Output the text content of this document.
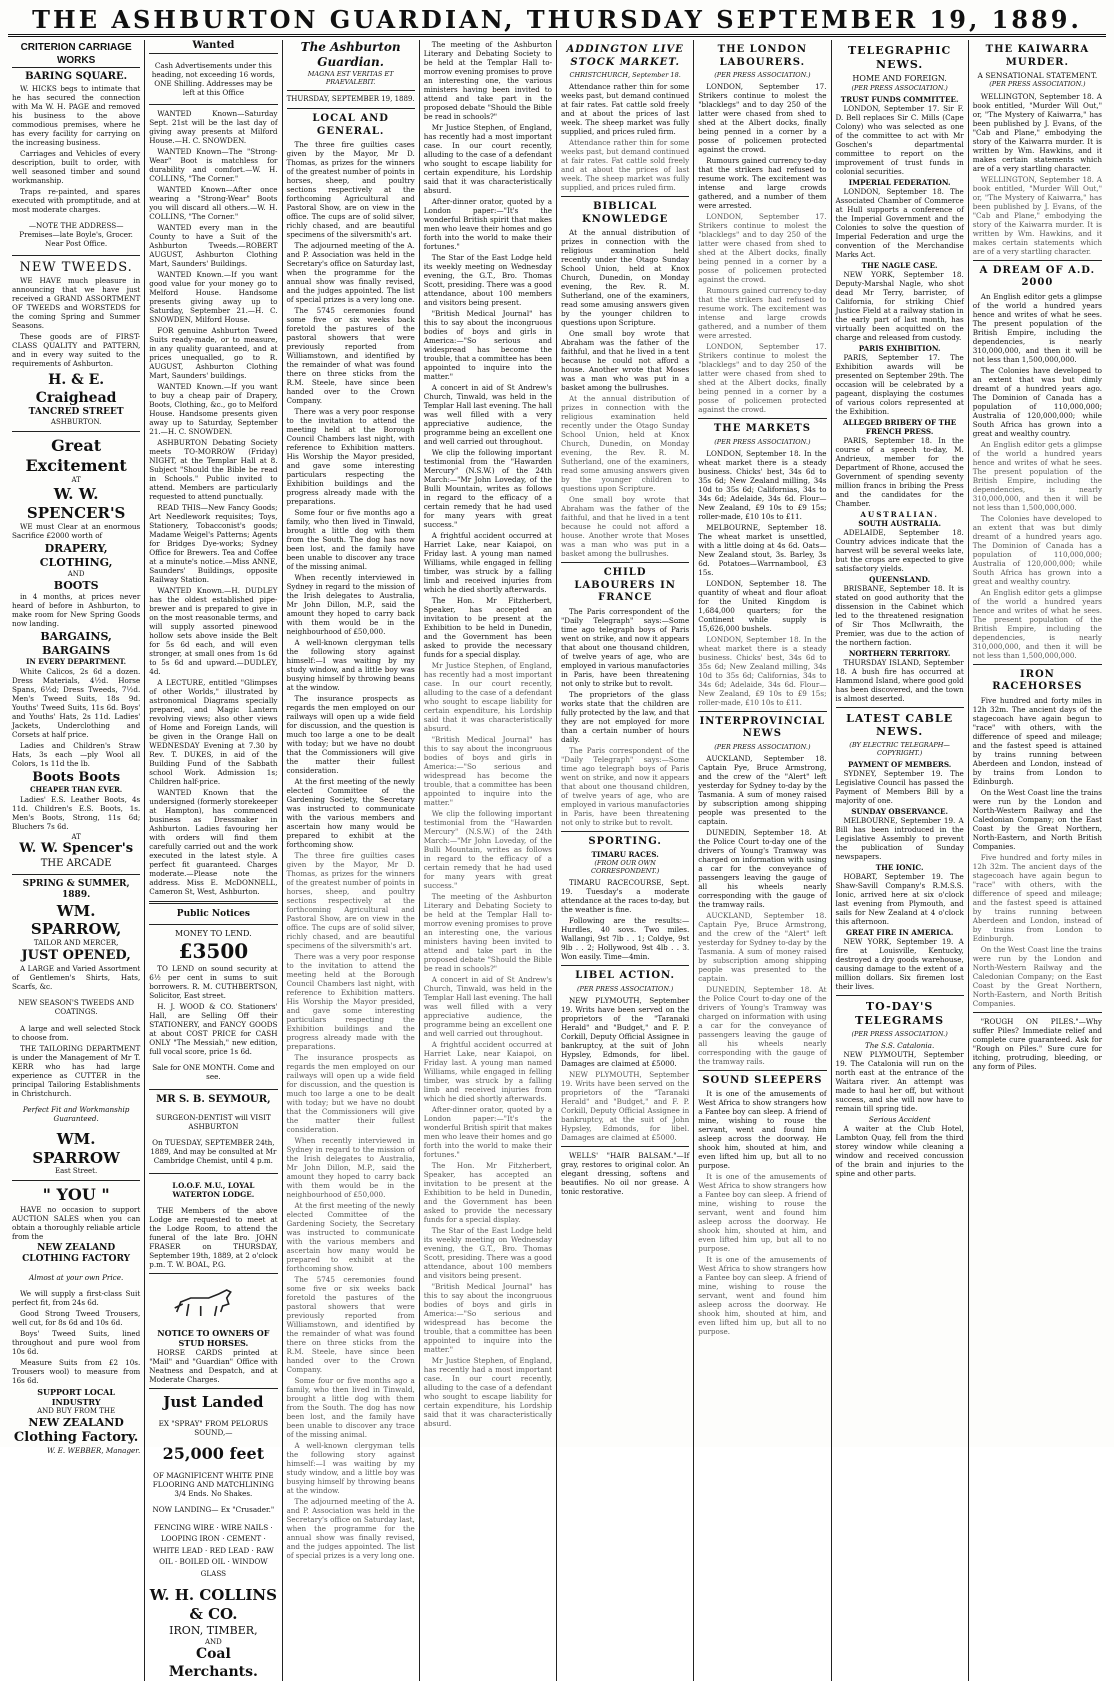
THE ASHBURTON GUARDIAN, THURSDAY SEPTEMBER 19, 1889.
CRITERION CARRIAGE WORKS
BARING SQUARE.

W. HICKS begs to intimate that he has secured the connection with Ma W. H. PAGE and removed his business to the above commodious premises, where he has every facility for carrying on the increasing business.

Carriages and Vehicles of every description, built to order, with well seasoned timber and sound workmanship.

Traps re-painted, and spares executed with promptitude, and at most moderate charges.

—NOTE THE ADDRESS— Premises—late Boyle's, Grocer. Near Post Office.

NEW TWEEDS.

WE HAVE much pleasure in announcing that we have just received a GRAND ASSORTMENT OF TWEEDS and WORSTEDS for the coming Spring and Summer Seasons.

These goods are of FIRST-CLASS QUALITY and PATTERN, and in every way suited to the requirements of Ashburton.

H. & E. Craighead
TANCRED STREET
ASHBURTON.
Great Excitement
AT
W. W. SPENCER'S

WE must Clear at an enormous Sacrifice £2000 worth of

DRAPERY, CLOTHING,
AND
BOOTS

in 4 months, at prices never heard of before in Ashburton, to make room for New Spring Goods now landing.

BARGAINS, BARGAINS
IN EVERY DEPARTMENT.

White Calicos, 2s 6d a dozen. Dress Materials, 4½d. Horse Spans, 6½d; Dress Tweeds, 7½d. Men's Tweed Suits, 18s 9d. Youths' Tweed Suits, 11s 6d. Boys' and Youths' Hats, 2s 11d. Ladies' Jackets, Underclothing and Corsets at half price.

Ladies and Children's Straw Hats, 3s each —ply Wool all Colors, 1s 11d the lb.

Boots Boots
CHEAPER THAN EVER.

Ladies' E.S. Leather Boots, 4s 11d. Children's E.S. Boots, 1s. Men's Boots, Strong, 11s 6d; Bluchers 7s 6d.

AT
W. W. Spencer's
THE ARCADE
SPRING & SUMMER, 1889.
WM. SPARROW,
TAILOR AND MERCER,
JUST OPENED,

A LARGE and Varied Assortment of Gentlemen's Shirts, Hats, Scarfs, &c.

NEW SEASON'S TWEEDS AND COATINGS.

A large and well selected Stock to choose from.

THE TAILORING DEPARTMENT is under the Management of Mr T. KERR who has had large experience as CUTTER in the principal Tailoring Establishments in Christchurch.

Perfect Fit and Workmanship Guaranteed.

WM. SPARROW
East Street.
" YOU "

HAVE no occasion to support AUCTION SALES when you can obtain a thoroughly reliable article from the

NEW ZEALAND CLOTHING FACTORY

Almost at your own Price.

We will supply a first-class Suit perfect fit, from 24s 6d.

Good Strong Tweed Trousers, well cut, for 8s 6d and 10s 6d.

Boys' Tweed Suits, lined throughout and pure wool from 10s 6d.

Measure Suits from £2 10s. Trousers wool) to measure from 16s 6d.

SUPPORT LOCAL INDUSTRY
AND BUY FROM THE
NEW ZEALAND
Clothing Factory.
W. E. WEBBER, Manager.
Wanted

Cash Advertisements under this heading, not exceeding 16 words, ONE Shilling. Addresses may be left at this Office

WANTED Known—Saturday Sept. 21st will be the last day of giving away presents at Milford House.—H. C. SNOWDEN.

WANTED Known—The "Strong-Wear" Boot is matchless for durability and comfort.—W. H. COLLINS, "The Corner."

WANTED Known—After once wearing a "Strong-Wear" Boots you will discard all others.—W. H. COLLINS, "The Corner."

WANTED every man in the County to have a Suit of the Ashburton Tweeds.—ROBERT AUGUST, Ashburton Clothing Mart, Saunders' Buildings.

WANTED Known.—If you want good value for your money go to Melford House. Handsome presents giving away up to Saturday, September 21.—H. C. SNOWDEN, Milford House.

FOR genuine Ashburton Tweed Suits ready-made, or to measure, in any quality guaranteed, and at prices unequalled, go to R. AUGUST, Ashburton Clothing Mart, Saunders' buildings.

WANTED Known.—If you want to buy a cheap pair of Drapery, Boots, Clothing, &c., go to Melford House. Handsome presents given away up to Saturday, September 21.—H. C. SNOWDEN.

ASHBURTON Debating Society meets TO-MORROW (Friday) NIGHT, at the Templar Hall at 8. Subject "Should the Bible be read in Schools." Public invited to attend. Members are particularly requested to attend punctually.

READ THIS—New Fancy Goods; Art Needlework requisites; Toys, Stationery, Tobacconist's goods; Madame Weigel's Patterns; Agents for Bridges Dye-works; Sydney Office for Brewers. Tea and Coffee at a minute's notice.—Miss ANNE, Saunders' Buildings, opposite Railway Station.

WANTED Known.—H. DUDLEY has the oldest established pipe-brewer and is prepared to give in on the most reasonable terms, and will supply assorted pinewood hollow sets above inside the Belt for 5s 6d each, and will even stronger, at small ones from 1s 6d to 5s 6d and upward.—DUDLEY, 4d.

A LECTURE, entitled "Glimpses of other Worlds," illustrated by astronomical Diagrams specially prepared, and Magic Lantern revolving views; also other views of Home and Foreign Lands, will be given in the Orange Hall on WEDNESDAY Evening at 7.30 by Rev. T. DUKES, in aid of the Building Fund of the Sabbath school Work. Admission 1s; Children half-price.

WANTED Known that the undersigned (formerly storekeeper at Hampton), has commenced business as Dressmaker in Ashburton. Ladies favouring her with orders will find them carefully carried out and the work executed in the latest style. A perfect fit guaranteed. Charges moderate.—Please note the address. Miss E. McDONNELL, Cameron St, West, Ashburton.

Public Notices
MONEY TO LEND.
£3500

TO LEND on sound security at 6½ per cent in sums to suit borrowers. R. M. CUTHBERTSON, Solicitor, East street.

H. J. WOOD & CO. Stationers' Hall, are Selling Off their STATIONERY, and FANCY GOODS at about COST PRICE for CASH ONLY "The Messiah," new edition, full vocal score, price 1s 6d.

Sale for ONE MONTH. Come and see.

MR S. B. SEYMOUR,

SURGEON-DENTIST will VISIT ASHBURTON

On TUESDAY, SEPTEMBER 24th, 1889, And may be consulted at Mr Cambridge Chemist, until 4 p.m.

I.O.O.F. M.U., LOYAL WATERTON LODGE.

THE Members of the above Lodge are requested to meet at the Lodge Room, to attend the funeral of the late Bro. JOHN FRASER on THURSDAY, September 19th, 1889, at 2 o'clock p.m. T. W. BOAL, P.G.

NOTICE TO OWNERS OF STUD HORSES.

HORSE CARDS printed at "Mail" and "Guardian" Office with Neatness and Despatch, and at Moderate Charges.

Just Landed

EX "SPRAY" FROM PELORUS SOUND,—

25,000 feet

OF MAGNIFICENT WHITE PINE FLOORING AND MATCHLINING 3/4 Ends. No Shakes.

NOW LANDING— Ex "Crusader."

FENCING WIRE · WIRE NAILS · LOOPING IRON · CEMENT · WHITE LEAD · RED LEAD · RAW OIL · BOILED OIL · WINDOW GLASS

W. H. COLLINS & CO.
IRON, TIMBER,
AND
Coal Merchants.
The Ashburton Guardian.
MAGNA EST VERITAS ET PRAEVALEBIT.
THURSDAY, SEPTEMBER 19, 1889.
LOCAL AND GENERAL.

The three fire guilties cases given by the Mayor, Mr D. Thomas, as prizes for the winners of the greatest number of points in horses, sheep, and poultry sections respectively at the forthcoming Agricultural and Pastoral Show, are on view in the office. The cups are of solid silver, richly chased, and are beautiful specimens of the silversmith's art.

The adjourned meeting of the A. and P. Association was held in the Secretary's office on Saturday last, when the programme for the annual show was finally revised, and the judges appointed. The list of special prizes is a very long one.

The 5745 ceremonies found some five or six weeks back foretold the pastures of the pastoral showers that were previously reported from Williamstown, and identified by the remainder of what was found there on three sticks from the R.M. Steele, have since been handed over to the Crown Company.

There was a very poor response to the invitation to attend the meeting held at the Borough Council Chambers last night, with reference to Exhibition matters. His Worship the Mayor presided, and gave some interesting particulars respecting the Exhibition buildings and the progress already made with the preparations.

Some four or five months ago a family, who then lived in Tinwald, brought a little dog with them from the South. The dog has now been lost, and the family have been unable to discover any trace of the missing animal.

When recently interviewed in Sydney in regard to the mission of the Irish delegates to Australia, Mr John Dillon, M.P., said the amount they hoped to carry back with them would be in the neighbourhood of £50,000.

A well-known clergyman tells the following story against himself:—I was waiting by my study window, and a little boy was busying himself by throwing beans at the window.

The insurance prospects as regards the men employed on our railways will open up a wide field for discussion, and the question is much too large a one to be dealt with today; but we have no doubt that the Commissioners will give the matter their fullest consideration.

At the first meeting of the newly elected Committee of the Gardening Society, the Secretary was instructed to communicate with the various members and ascertain how many would be prepared to exhibit at the forthcoming show.

The three fire guilties cases given by the Mayor, Mr D. Thomas, as prizes for the winners of the greatest number of points in horses, sheep, and poultry sections respectively at the forthcoming Agricultural and Pastoral Show, are on view in the office. The cups are of solid silver, richly chased, and are beautiful specimens of the silversmith's art.

There was a very poor response to the invitation to attend the meeting held at the Borough Council Chambers last night, with reference to Exhibition matters. His Worship the Mayor presided, and gave some interesting particulars respecting the Exhibition buildings and the progress already made with the preparations.

The insurance prospects as regards the men employed on our railways will open up a wide field for discussion, and the question is much too large a one to be dealt with today; but we have no doubt that the Commissioners will give the matter their fullest consideration.

When recently interviewed in Sydney in regard to the mission of the Irish delegates to Australia, Mr John Dillon, M.P., said the amount they hoped to carry back with them would be in the neighbourhood of £50,000.

At the first meeting of the newly elected Committee of the Gardening Society, the Secretary was instructed to communicate with the various members and ascertain how many would be prepared to exhibit at the forthcoming show.

The 5745 ceremonies found some five or six weeks back foretold the pastures of the pastoral showers that were previously reported from Williamstown, and identified by the remainder of what was found there on three sticks from the R.M. Steele, have since been handed over to the Crown Company.

Some four or five months ago a family, who then lived in Tinwald, brought a little dog with them from the South. The dog has now been lost, and the family have been unable to discover any trace of the missing animal.

A well-known clergyman tells the following story against himself:—I was waiting by my study window, and a little boy was busying himself by throwing beans at the window.

The adjourned meeting of the A. and P. Association was held in the Secretary's office on Saturday last, when the programme for the annual show was finally revised, and the judges appointed. The list of special prizes is a very long one.

The meeting of the Ashburton Literary and Debating Society to be held at the Templar Hall to-morrow evening promises to prove an interesting one, the various ministers having been invited to attend and take part in the proposed debate "Should the Bible be read in schools?"

Mr Justice Stephen, of England, has recently had a most important case. In our court recently, alluding to the case of a defendant who sought to escape liability for certain expenditure, his Lordship said that it was characteristically absurd.

After-dinner orator, quoted by a London paper:—"It's the wonderful British spirit that makes men who leave their homes and go forth into the world to make their fortunes."

The Star of the East Lodge held its weekly meeting on Wednesday evening, the G.T., Bro. Thomas Scott, presiding. There was a good attendance, about 100 members and visitors being present.

"British Medical Journal" has this to say about the incongruous bodies of boys and girls in America:—"So serious and widespread has become the trouble, that a committee has been appointed to inquire into the matter."

A concert in aid of St Andrew's Church, Tinwald, was held in the Templar Hall last evening. The hall was well filled with a very appreciative audience, the programme being an excellent one and well carried out throughout.

We clip the following important testimonial from the "Hawarden Mercury" (N.S.W.) of the 24th March:—"Mr John Loveday, of the Bulli Mountain, writes as follows in regard to the efficacy of a certain remedy that he had used for many years with great success."

A frightful accident occurred at Harriet Lake, near Kaiapoi, on Friday last. A young man named Williams, while engaged in felling timber, was struck by a falling limb and received injuries from which he died shortly afterwards.

The Hon. Mr Fitzherbert, Speaker, has accepted an invitation to be present at the Exhibition to be held in Dunedin, and the Government has been asked to provide the necessary funds for a special display.

Mr Justice Stephen, of England, has recently had a most important case. In our court recently, alluding to the case of a defendant who sought to escape liability for certain expenditure, his Lordship said that it was characteristically absurd.

"British Medical Journal" has this to say about the incongruous bodies of boys and girls in America:—"So serious and widespread has become the trouble, that a committee has been appointed to inquire into the matter."

We clip the following important testimonial from the "Hawarden Mercury" (N.S.W.) of the 24th March:—"Mr John Loveday, of the Bulli Mountain, writes as follows in regard to the efficacy of a certain remedy that he had used for many years with great success."

The meeting of the Ashburton Literary and Debating Society to be held at the Templar Hall to-morrow evening promises to prove an interesting one, the various ministers having been invited to attend and take part in the proposed debate "Should the Bible be read in schools?"

A concert in aid of St Andrew's Church, Tinwald, was held in the Templar Hall last evening. The hall was well filled with a very appreciative audience, the programme being an excellent one and well carried out throughout.

A frightful accident occurred at Harriet Lake, near Kaiapoi, on Friday last. A young man named Williams, while engaged in felling timber, was struck by a falling limb and received injuries from which he died shortly afterwards.

After-dinner orator, quoted by a London paper:—"It's the wonderful British spirit that makes men who leave their homes and go forth into the world to make their fortunes."

The Hon. Mr Fitzherbert, Speaker, has accepted an invitation to be present at the Exhibition to be held in Dunedin, and the Government has been asked to provide the necessary funds for a special display.

The Star of the East Lodge held its weekly meeting on Wednesday evening, the G.T., Bro. Thomas Scott, presiding. There was a good attendance, about 100 members and visitors being present.

"British Medical Journal" has this to say about the incongruous bodies of boys and girls in America:—"So serious and widespread has become the trouble, that a committee has been appointed to inquire into the matter."

Mr Justice Stephen, of England, has recently had a most important case. In our court recently, alluding to the case of a defendant who sought to escape liability for certain expenditure, his Lordship said that it was characteristically absurd.

ADDINGTON LIVE STOCK MARKET.
CHRISTCHURCH, September 18.

Attendance rather thin for some weeks past, but demand continued at fair rates. Fat cattle sold freely and at about the prices of last week. The sheep market was fully supplied, and prices ruled firm.

Attendance rather thin for some weeks past, but demand continued at fair rates. Fat cattle sold freely and at about the prices of last week. The sheep market was fully supplied, and prices ruled firm.

BIBLICAL KNOWLEDGE

At the annual distribution of prizes in connection with the religious examination held recently under the Otago Sunday School Union, held at Knox Church, Dunedin, on Monday evening, the Rev. R. M. Sutherland, one of the examiners, read some amusing answers given by the younger children to questions upon Scripture.

One small boy wrote that Abraham was the father of the faithful, and that he lived in a tent because he could not afford a house. Another wrote that Moses was a man who was put in a basket among the bullrushes.

At the annual distribution of prizes in connection with the religious examination held recently under the Otago Sunday School Union, held at Knox Church, Dunedin, on Monday evening, the Rev. R. M. Sutherland, one of the examiners, read some amusing answers given by the younger children to questions upon Scripture.

One small boy wrote that Abraham was the father of the faithful, and that he lived in a tent because he could not afford a house. Another wrote that Moses was a man who was put in a basket among the bullrushes.

CHILD LABOURERS IN FRANCE

The Paris correspondent of the "Daily Telegraph" says:—Some time ago telegraph boys of Paris went on strike, and now it appears that about one thousand children, of twelve years of age, who are employed in various manufactories in Paris, have been threatening not only to strike but to revolt.

The proprietors of the glass works state that the children are fully protected by the law, and that they are not employed for more than a certain number of hours daily.

The Paris correspondent of the "Daily Telegraph" says:—Some time ago telegraph boys of Paris went on strike, and now it appears that about one thousand children, of twelve years of age, who are employed in various manufactories in Paris, have been threatening not only to strike but to revolt.

SPORTING.
TIMARU RACES.
(FROM OUR OWN CORRESPONDENT.)

TIMARU RACECOURSE, Sept. 19. Tuesday's a moderate attendance at the races to-day, but the weather is fine.

Following are the results:— Hurdles, 40 sovs. Two miles. Wallangi, 9st 7lb . . 1; Coldye, 9st 9lb . . 2; Hollywood, 9st 4lb . . 3. Won easily. Time—4min.

LIBEL ACTION.
(PER PRESS ASSOCIATION.)

NEW PLYMOUTH, September 19. Writs have been served on the proprietors of the "Taranaki Herald" and "Budget," and F. P. Corkill, Deputy Official Assignee in bankruptcy, at the suit of John Hypsley, Edmonds, for libel. Damages are claimed at £5000.

NEW PLYMOUTH, September 19. Writs have been served on the proprietors of the "Taranaki Herald" and "Budget," and F. P. Corkill, Deputy Official Assignee in bankruptcy, at the suit of John Hypsley, Edmonds, for libel. Damages are claimed at £5000.

WELLS' "HAIR BALSAM."—If gray, restores to original color. An elegant dressing, softens and beautifies. No oil nor grease. A tonic restorative.

THE LONDON LABOURERS.
(PER PRESS ASSOCIATION.)

LONDON, September 17. Strikers continue to molest the "blacklegs" and to day 250 of the latter were chased from shed to shed at the Albert docks, finally being penned in a corner by a posse of policemen protected against the crowd.

Rumours gained currency to-day that the strikers had refused to resume work. The excitement was intense and large crowds gathered, and a number of them were arrested.

LONDON, September 17. Strikers continue to molest the "blacklegs" and to day 250 of the latter were chased from shed to shed at the Albert docks, finally being penned in a corner by a posse of policemen protected against the crowd.

Rumours gained currency to-day that the strikers had refused to resume work. The excitement was intense and large crowds gathered, and a number of them were arrested.

LONDON, September 17. Strikers continue to molest the "blacklegs" and to day 250 of the latter were chased from shed to shed at the Albert docks, finally being penned in a corner by a posse of policemen protected against the crowd.

THE MARKETS
(PER PRESS ASSOCIATION.)

LONDON, September 18. In the wheat market there is a steady business. Chicks' best, 34s 6d to 35s 6d; New Zealand milling, 34s 10d to 35s 6d; Californias, 34s to 34s 6d; Adelaide, 34s 6d. Flour—New Zealand, £9 10s to £9 15s; roller-made, £10 10s to £11.

MELBOURNE, September 18. The wheat market is unsettled, with a little doing at 4s 6d. Oats—New Zealand stout, 3s. Barley, 3s 6d. Potatoes—Warrnambool, £3 15s.

LONDON, September 18. The quantity of wheat and flour afloat for the United Kingdom is 1,684,000 quarters; for the Continent while supply is 15,626,000 bushels.

LONDON, September 18. In the wheat market there is a steady business. Chicks' best, 34s 6d to 35s 6d; New Zealand milling, 34s 10d to 35s 6d; Californias, 34s to 34s 6d; Adelaide, 34s 6d. Flour—New Zealand, £9 10s to £9 15s; roller-made, £10 10s to £11.

INTERPROVINCIAL NEWS
(PER PRESS ASSOCIATION.)

AUCKLAND, September 18. Captain Pye, Bruce Armstrong, and the crew of the "Alert" left yesterday for Sydney to-day by the Tasmania. A sum of money raised by subscription among shipping people was presented to the captain.

DUNEDIN, September 18. At the Police Court to-day one of the drivers of Young's Tramway was charged on information with using a car for the conveyance of passengers leaving the gauge of all his wheels nearly corresponding with the gauge of the tramway rails.

AUCKLAND, September 18. Captain Pye, Bruce Armstrong, and the crew of the "Alert" left yesterday for Sydney to-day by the Tasmania. A sum of money raised by subscription among shipping people was presented to the captain.

DUNEDIN, September 18. At the Police Court to-day one of the drivers of Young's Tramway was charged on information with using a car for the conveyance of passengers leaving the gauge of all his wheels nearly corresponding with the gauge of the tramway rails.

SOUND SLEEPERS

It is one of the amusements of West Africa to show strangers how a Fantee boy can sleep. A friend of mine, wishing to rouse the servant, went and found him asleep across the doorway. He shook him, shouted at him, and even lifted him up, but all to no purpose.

It is one of the amusements of West Africa to show strangers how a Fantee boy can sleep. A friend of mine, wishing to rouse the servant, went and found him asleep across the doorway. He shook him, shouted at him, and even lifted him up, but all to no purpose.

It is one of the amusements of West Africa to show strangers how a Fantee boy can sleep. A friend of mine, wishing to rouse the servant, went and found him asleep across the doorway. He shook him, shouted at him, and even lifted him up, but all to no purpose.

TELEGRAPHIC NEWS.
HOME AND FOREIGN.
(PER PRESS ASSOCIATION.)
TRUST FUNDS COMMITTEE.

LONDON, September 17. Sir F. D. Bell replaces Sir C. Mills (Cape Colony) who was selected as one of the committee to act with Mr Goschen's departmental committee to report on the improvement of trust funds in colonial securities.

IMPERIAL FEDERATION.

LONDON, September 18. The Associated Chamber of Commerce at Hull supports a conference of the Imperial Government and the Colonies to solve the question of Imperial Federation and urge the convention of the Merchandise Marks Act.

THE NAGLE CASE.

NEW YORK, September 18. Deputy-Marshal Nagle, who shot dead Mr Terry, barrister, of California, for striking Chief Justice Field at a railway station in the early part of last month, has virtually been acquitted on the charge and released from custody.

PARIS EXHIBITION.

PARIS, September 17. The Exhibition awards will be presented on September 29th. The occasion will be celebrated by a pageant, displaying the costumes of various colors represented at the Exhibition.

ALLEGED BRIBERY OF THE FRENCH PRESS.

PARIS, September 18. In the course of a speech to-day, M. Andrieux, member for the Department of Rhone, accused the Government of spending seventy million francs in bribing the Press and the candidates for the Chamber.

AUSTRALIAN.
SOUTH AUSTRALIA.

ADELAIDE, September 18. Country advices indicate that the harvest will be several weeks late, but the crops are expected to give satisfactory yields.

QUEENSLAND.

BRISBANE, September 18. It is stated on good authority that the dissension in the Cabinet which led to the threatened resignation of Sir Thos McIlwraith, the Premier, was due to the action of the northern faction.

NORTHERN TERRITORY.

THURSDAY ISLAND, September 18. A bush fire has occurred at Hammond Island, where good gold has been discovered, and the town is almost deserted.

LATEST CABLE NEWS.
(BY ELECTRIC TELEGRAPH—COPYRIGHT.)
PAYMENT OF MEMBERS.

SYDNEY, September 19. The Legislative Council has passed the Payment of Members Bill by a majority of one.

SUNDAY OBSERVANCE.

MELBOURNE, September 19. A Bill has been introduced in the Legislative Assembly to prevent the publication of Sunday newspapers.

THE IONIC.

HOBART, September 19. The Shaw-Savill Company's R.M.S.S. Ionic, arrived here at six o'clock last evening from Plymouth, and sails for New Zealand at 4 o'clock this afternoon.

GREAT FIRE IN AMERICA.

NEW YORK, September 19. A fire at Louisville, Kentucky, destroyed a dry goods warehouse, causing damage to the extent of a million dollars. Six firemen lost their lives.

TO-DAY'S TELEGRAMS
(PER PRESS ASSOCIATION.)
The S.S. Catalonia.

NEW PLYMOUTH, September 19. The Catalonia will run on the north east at the entrance of the Waitara river. An attempt was made to haul her off, but without success, and she will now have to remain till spring tide.

Serious Accident

A waiter at the Club Hotel, Lambton Quay, fell from the third storey window while cleaning a window and received concussion of the brain and injuries to the spine and other parts.

THE KAIWARRA MURDER.
A SENSATIONAL STATEMENT.
(PER PRESS ASSOCIATION.)

WELLINGTON, September 18. A book entitled, "Murder Will Out," or, "The Mystery of Kaiwarra," has been published by J. Evans, of the "Cab and Plane," embodying the story of the Kaiwarra murder. It is written by Wm. Hawkins, and it makes certain statements which are of a very startling character.

WELLINGTON, September 18. A book entitled, "Murder Will Out," or, "The Mystery of Kaiwarra," has been published by J. Evans, of the "Cab and Plane," embodying the story of the Kaiwarra murder. It is written by Wm. Hawkins, and it makes certain statements which are of a very startling character.

A DREAM OF A.D. 2000

An English editor gets a glimpse of the world a hundred years hence and writes of what he sees. The present population of the British Empire, including the dependencies, is nearly 310,000,000, and then it will be not less than 1,500,000,000.

The Colonies have developed to an extent that was but dimly dreamt of a hundred years ago. The Dominion of Canada has a population of 110,000,000; Australia of 120,000,000; while South Africa has grown into a great and wealthy country.

An English editor gets a glimpse of the world a hundred years hence and writes of what he sees. The present population of the British Empire, including the dependencies, is nearly 310,000,000, and then it will be not less than 1,500,000,000.

The Colonies have developed to an extent that was but dimly dreamt of a hundred years ago. The Dominion of Canada has a population of 110,000,000; Australia of 120,000,000; while South Africa has grown into a great and wealthy country.

An English editor gets a glimpse of the world a hundred years hence and writes of what he sees. The present population of the British Empire, including the dependencies, is nearly 310,000,000, and then it will be not less than 1,500,000,000.

IRON RACEHORSES

Five hundred and forty miles in 12h 32m. The ancient days of the stagecoach have again begun to "race" with others, with the difference of speed and mileage; and the fastest speed is attained by trains running between Aberdeen and London, instead of by trains from London to Edinburgh.

On the West Coast line the trains were run by the London and North-Western Railway and the Caledonian Company; on the East Coast by the Great Northern, North-Eastern, and North British Companies.

Five hundred and forty miles in 12h 32m. The ancient days of the stagecoach have again begun to "race" with others, with the difference of speed and mileage; and the fastest speed is attained by trains running between Aberdeen and London, instead of by trains from London to Edinburgh.

On the West Coast line the trains were run by the London and North-Western Railway and the Caledonian Company; on the East Coast by the Great Northern, North-Eastern, and North British Companies.

"ROUGH ON PILES."—Why suffer Piles? Immediate relief and complete cure guaranteed. Ask for "Rough on Piles." Sure cure for itching, protruding, bleeding, or any form of Piles.
